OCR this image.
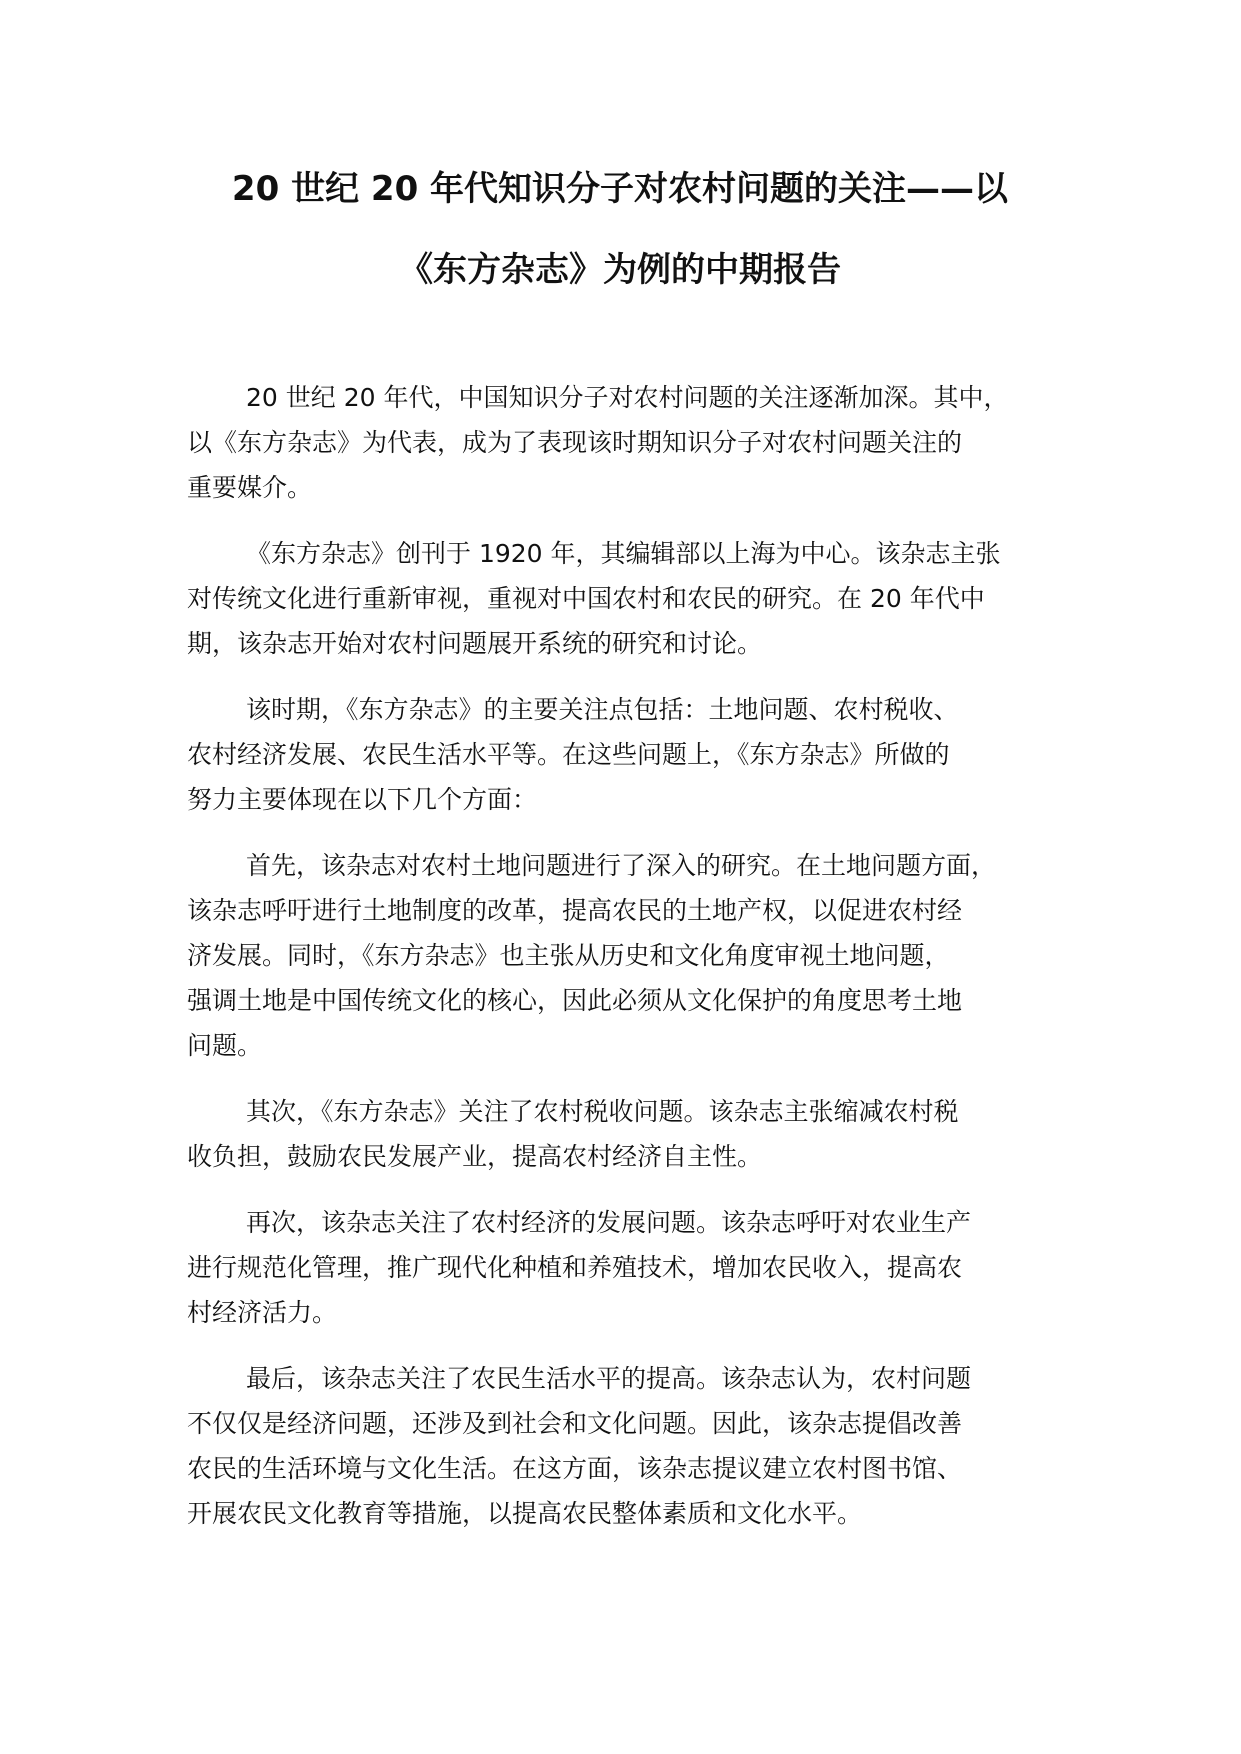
20 世纪 20 年代知识分子对农村问题的关注——以
《东方杂志》为例的中期报告

20 世纪 20 年代，中国知识分子对农村问题的关注逐渐加深。其中，
以《东方杂志》为代表，成为了表现该时期知识分子对农村问题关注的
重要媒介。

《东方杂志》创刊于 1920 年，其编辑部以上海为中心。该杂志主张
对传统文化进行重新审视，重视对中国农村和农民的研究。在 20 年代中
期，该杂志开始对农村问题展开系统的研究和讨论。

该时期，《东方杂志》的主要关注点包括：土地问题、农村税收、
农村经济发展、农民生活水平等。在这些问题上，《东方杂志》所做的
努力主要体现在以下几个方面：

首先，该杂志对农村土地问题进行了深入的研究。在土地问题方面，
该杂志呼吁进行土地制度的改革，提高农民的土地产权，以促进农村经
济发展。同时，《东方杂志》也主张从历史和文化角度审视土地问题，
强调土地是中国传统文化的核心，因此必须从文化保护的角度思考土地
问题。

其次，《东方杂志》关注了农村税收问题。该杂志主张缩减农村税
收负担，鼓励农民发展产业，提高农村经济自主性。

再次，该杂志关注了农村经济的发展问题。该杂志呼吁对农业生产
进行规范化管理，推广现代化种植和养殖技术，增加农民收入，提高农
村经济活力。

最后，该杂志关注了农民生活水平的提高。该杂志认为，农村问题
不仅仅是经济问题，还涉及到社会和文化问题。因此，该杂志提倡改善
农民的生活环境与文化生活。在这方面，该杂志提议建立农村图书馆、
开展农民文化教育等措施，以提高农民整体素质和文化水平。
